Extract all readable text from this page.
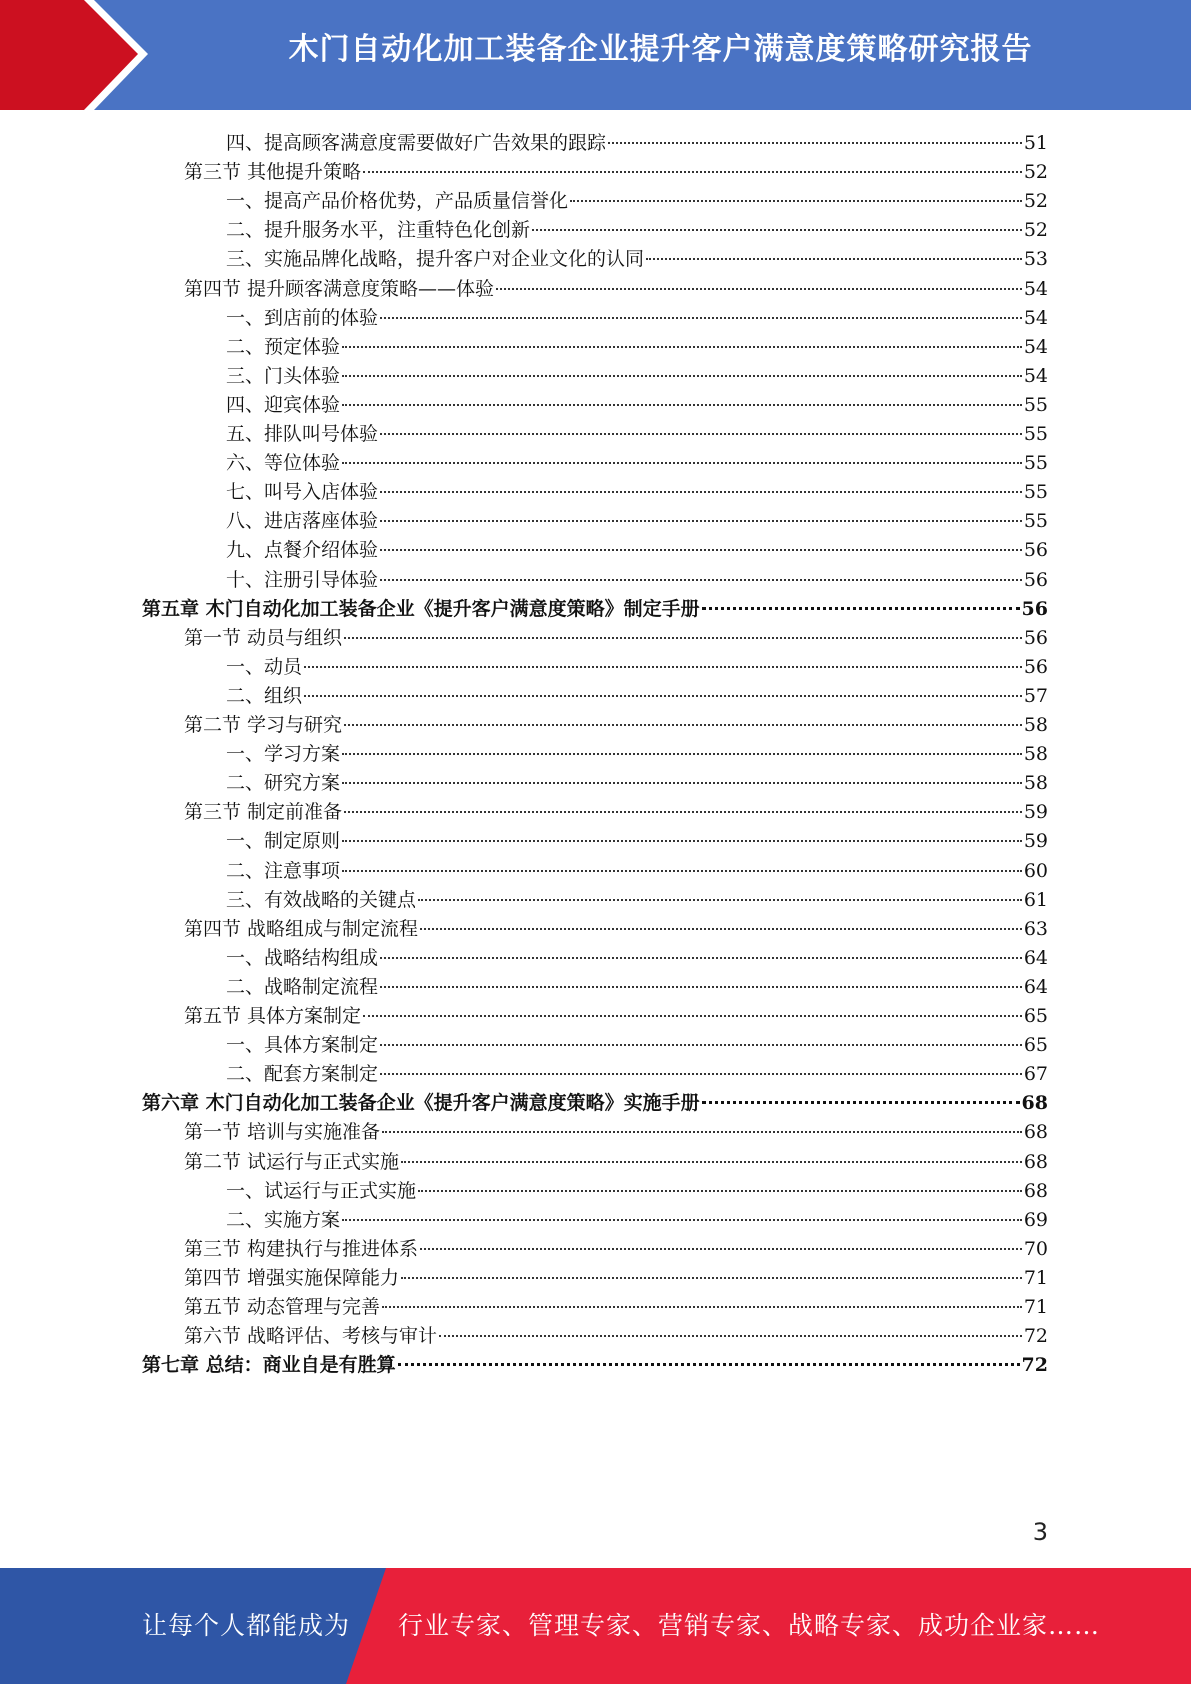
木门自动化加工装备企业提升客户满意度策略研究报告
四、提高顾客满意度需要做好广告效果的跟踪	51
第三节 其他提升策略	52
一、提高产品价格优势，产品质量信誉化	52
二、提升服务水平，注重特色化创新	52
三、实施品牌化战略，提升客户对企业文化的认同	53
第四节 提升顾客满意度策略——体验	54
一、到店前的体验	54
二、预定体验	54
三、门头体验	54
四、迎宾体验	55
五、排队叫号体验	55
六、等位体验	55
七、叫号入店体验	55
八、进店落座体验	55
九、点餐介绍体验	56
十、注册引导体验	56
第五章 木门自动化加工装备企业《提升客户满意度策略》制定手册	56
第一节 动员与组织	56
一、动员	56
二、组织	57
第二节 学习与研究	58
一、学习方案	58
二、研究方案	58
第三节 制定前准备	59
一、制定原则	59
二、注意事项	60
三、有效战略的关键点	61
第四节 战略组成与制定流程	63
一、战略结构组成	64
二、战略制定流程	64
第五节 具体方案制定	65
一、具体方案制定	65
二、配套方案制定	67
第六章 木门自动化加工装备企业《提升客户满意度策略》实施手册	68
第一节 培训与实施准备	68
第二节 试运行与正式实施	68
一、试运行与正式实施	68
二、实施方案	69
第三节 构建执行与推进体系	70
第四节 增强实施保障能力	71
第五节 动态管理与完善	71
第六节 战略评估、考核与审计	72
第七章 总结：商业自是有胜算	72
3
让每个人都能成为 行业专家、管理专家、营销专家、战略专家、成功企业家……
